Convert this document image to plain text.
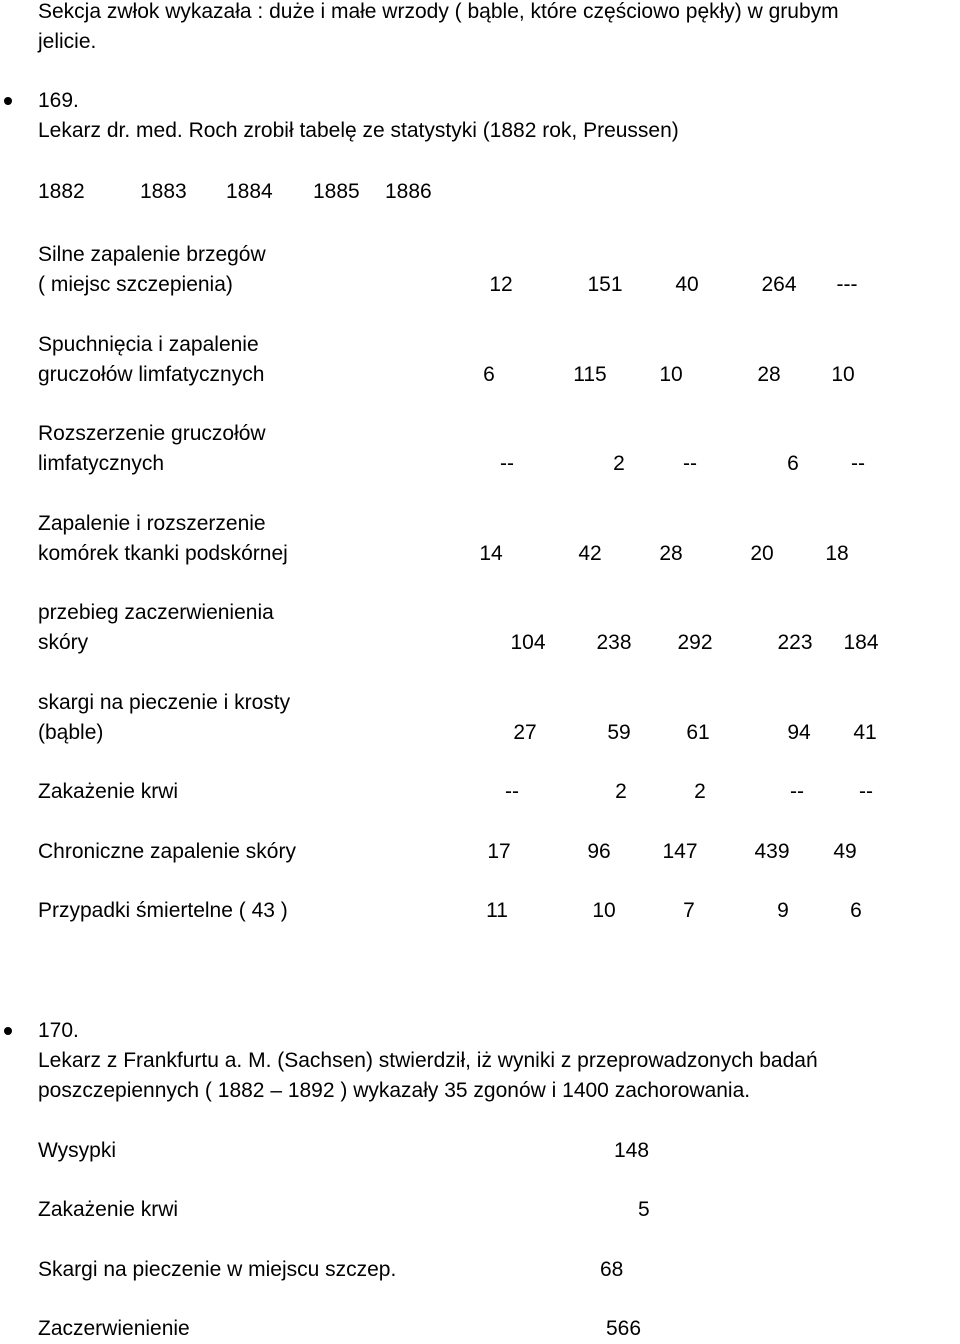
Sekcja zwłok wykazała : duże i małe wrzody ( bąble, które częściowo pękły) w grubym
jelicie.
169.
Lekarz dr. med. Roch zrobił tabelę ze statystyki (1882 rok, Preussen)
1882	1883 1884 1885 1886
Silne zapalenie brzegów
( miejsc szczepienia)	12	151	40	264 ---
Spuchnięcia i zapalenie
gruczołów limfatycznych	6	115	10	28 10
Rozszerzenie gruczołów
limfatycznych	--	2	--	6 --
Zapalenie i rozszerzenie
komórek tkanki podskórnej	14	42	28	20 18
przebieg zaczerwienienia
skóry	104 238 292	223 184
skargi na pieczenie i krosty
(bąble)	27	59	61	94 41
Zakażenie krwi	--	2	2	--	--
Chroniczne zapalenie skóry	17	96 147	439 49
Przypadki śmiertelne ( 43 )	11	10	7	9	6
170.
Lekarz z Frankfurtu a. M. (Sachsen) stwierdził, iż wyniki z przeprowadzonych badań
poszczepiennych ( 1882 – 1892 ) wykazały 35 zgonów i 1400 zachorowania.
Wysypki	148
Zakażenie krwi	5
Skargi na pieczenie w miejscu szczep.	68
Zaczerwienienie	566
